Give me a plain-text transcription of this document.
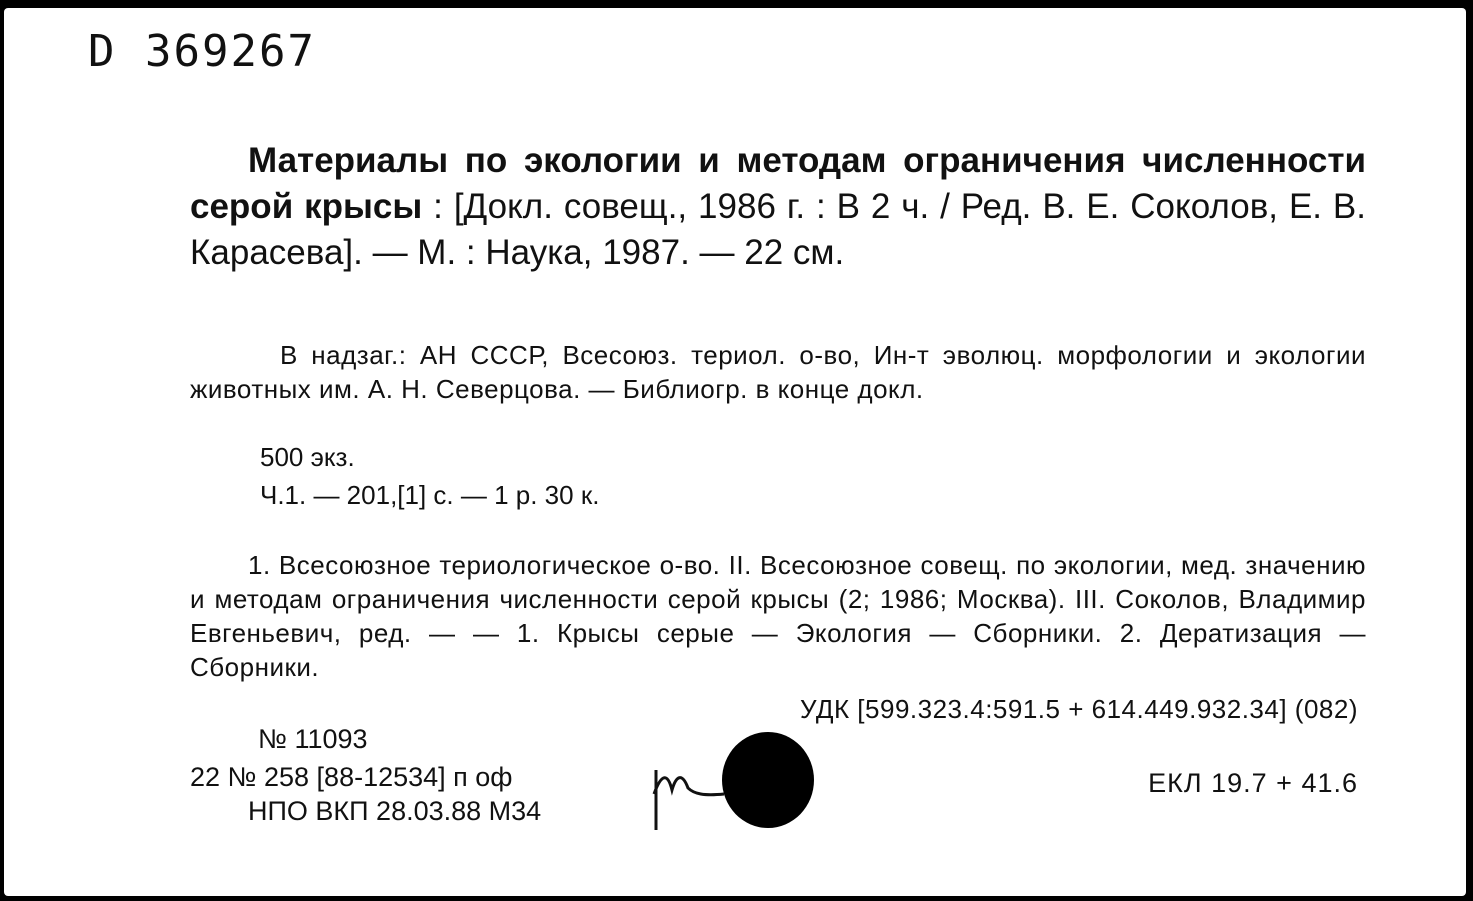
D 369267
Материалы по экологии и методам ограничения численности серой крысы : [Докл. совещ., 1986 г. : В 2 ч. / Ред. В. Е. Соколов, Е. В. Карасева]. — М. : Наука, 1987. — 22 см.
В надзаг.: АН СССР, Всесоюз. териол. о-во, Ин-т эволюц. морфологии и экологии животных им. А. Н. Северцова. — Библиогр. в конце докл.
500 экз.
Ч.1. — 201,[1] с. — 1 р. 30 к.
1. Всесоюзное териологическое о-во. II. Всесоюзное совещ. по экологии, мед. значению и методам ограничения численности серой крысы (2; 1986; Москва). III. Соколов, Владимир Евгеньевич, ред. — — 1. Крысы серые — Экология — Сборники. 2. Дератизация — Сборники.
УДК [599.323.4:591.5 + 614.449.932.34] (082)
№ 11093
22 № 258 [88-12534] п оф
НПО ВКП 28.03.88 М34
ЕКЛ 19.7 + 41.6
